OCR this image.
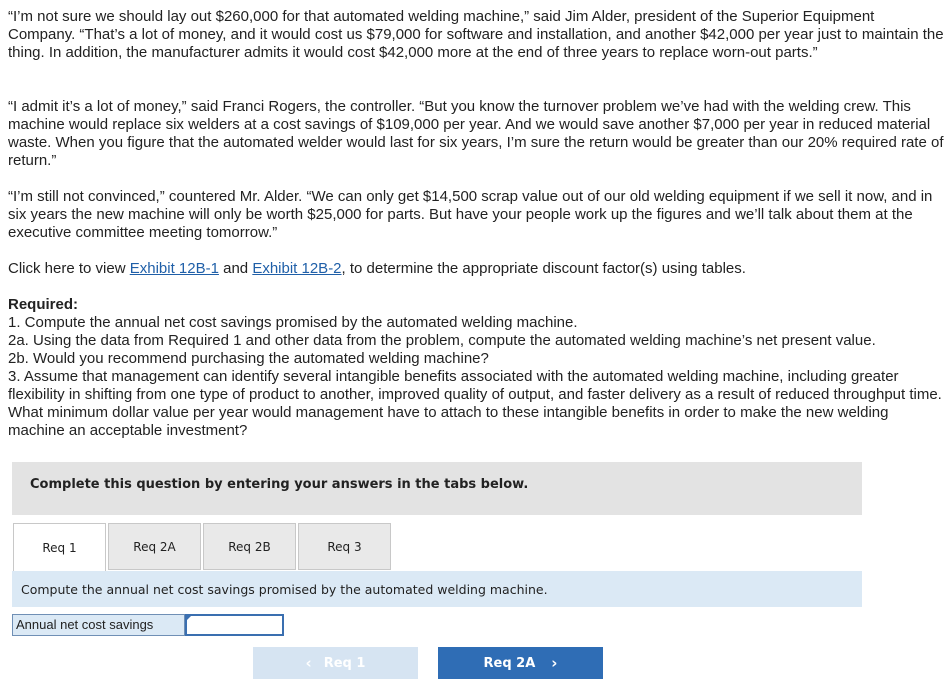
“I’m not sure we should lay out $260,000 for that automated welding machine,” said Jim Alder, president of the Superior Equipment Company. “That’s a lot of money, and it would cost us $79,000 for software and installation, and another $42,000 per year just to maintain the thing. In addition, the manufacturer admits it would cost $42,000 more at the end of three years to replace worn-out parts.”

“I admit it’s a lot of money,” said Franci Rogers, the controller. “But you know the turnover problem we’ve had with the welding crew. This machine would replace six welders at a cost savings of $109,000 per year. And we would save another $7,000 per year in reduced material waste. When you figure that the automated welder would last for six years, I’m sure the return would be greater than our 20% required rate of return.”

“I’m still not convinced,” countered Mr. Alder. “We can only get $14,500 scrap value out of our old welding equipment if we sell it now, and in six years the new machine will only be worth $25,000 for parts. But have your people work up the figures and we’ll talk about them at the executive committee meeting tomorrow.”

Click here to view Exhibit 12B-1 and Exhibit 12B-2, to determine the appropriate discount factor(s) using tables.

Required:
1. Compute the annual net cost savings promised by the automated welding machine.
2a. Using the data from Required 1 and other data from the problem, compute the automated welding machine’s net present value.
2b. Would you recommend purchasing the automated welding machine?
3. Assume that management can identify several intangible benefits associated with the automated welding machine, including greater flexibility in shifting from one type of product to another, improved quality of output, and faster delivery as a result of reduced throughput time. What minimum dollar value per year would management have to attach to these intangible benefits in order to make the new welding machine an acceptable investment?
Complete this question by entering your answers in the tabs below.
Req 1	Req 2A	Req 2B	Req 3
Compute the annual net cost savings promised by the automated welding machine.
Annual net cost savings
‹ Req 1	Req 2A ›
